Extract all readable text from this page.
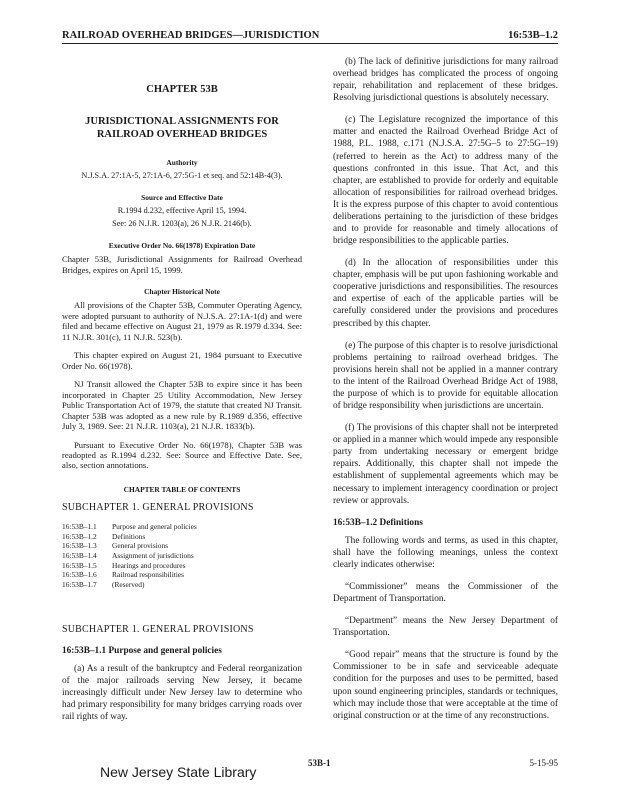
RAILROAD OVERHEAD BRIDGES—JURISDICTION	16:53B–1.2
CHAPTER 53B
JURISDICTIONAL ASSIGNMENTS FOR RAILROAD OVERHEAD BRIDGES
Authority
N.J.S.A. 27:1A-5, 27:1A-6, 27:5G-1 et seq. and 52:14B-4(3).
Source and Effective Date
R.1994 d.232, effective April 15, 1994.
See: 26 N.J.R. 1203(a), 26 N.J.R. 2146(b).
Executive Order No. 66(1978) Expiration Date

Chapter 53B, Jurisdictional Assignments for Railroad Overhead Bridges, expires on April 15, 1999.

Chapter Historical Note

All provisions of the Chapter 53B, Commuter Operating Agency, were adopted pursuant to authority of N.J.S.A. 27:1A-1(d) and were filed and became effective on August 21, 1979 as R.1979 d.334. See: 11 N.J.R. 301(c), 11 N.J.R. 523(b).

This chapter expired on August 21, 1984 pursuant to Executive Order No. 66(1978).

NJ Transit allowed the Chapter 53B to expire since it has been incorporated in Chapter 25 Utility Accommodation, New Jersey Public Transportation Act of 1979, the statute that created NJ Transit. Chapter 53B was adopted as a new rule by R.1989 d.356, effective July 3, 1989. See: 21 N.J.R. 1103(a), 21 N.J.R. 1833(b).

Pursuant to Executive Order No. 66(1978), Chapter 53B was readopted as R.1994 d.232. See: Source and Effective Date. See, also, section annotations.

CHAPTER TABLE OF CONTENTS
SUBCHAPTER 1. GENERAL PROVISIONS
16:53B–1.1	Purpose and general policies
16:53B–1.2	Definitions
16:53B–1.3	General provisions
16:53B–1.4	Assignment of jurisdictions
16:53B–1.5	Hearings and procedures
16:53B–1.6	Railroad responsibilities
16:53B–1.7	(Reserved)
SUBCHAPTER 1. GENERAL PROVISIONS
16:53B–1.1 Purpose and general policies

(a) As a result of the bankruptcy and Federal reorganization of the major railroads serving New Jersey, it became increasingly difficult under New Jersey law to determine who had primary responsibility for many bridges carrying roads over rail rights of way.

(b) The lack of definitive jurisdictions for many railroad overhead bridges has complicated the process of ongoing repair, rehabilitation and replacement of these bridges. Resolving jurisdictional questions is absolutely necessary.

(c) The Legislature recognized the importance of this matter and enacted the Railroad Overhead Bridge Act of 1988, P.L. 1988, c.171 (N.J.S.A. 27:5G–5 to 27:5G–19) (referred to herein as the Act) to address many of the questions confronted in this issue. That Act, and this chapter, are established to provide for orderly and equitable allocation of responsibilities for railroad overhead bridges. It is the express purpose of this chapter to avoid contentious deliberations pertaining to the jurisdiction of these bridges and to provide for reasonable and timely allocations of bridge responsibilities to the applicable parties.

(d) In the allocation of responsibilities under this chapter, emphasis will be put upon fashioning workable and cooperative jurisdictions and responsibilities. The resources and expertise of each of the applicable parties will be carefully considered under the provisions and procedures prescribed by this chapter.

(e) The purpose of this chapter is to resolve jurisdictional problems pertaining to railroad overhead bridges. The provisions herein shall not be applied in a manner contrary to the intent of the Railroad Overhead Bridge Act of 1988, the purpose of which is to provide for equitable allocation of bridge responsibility when jurisdictions are uncertain.

(f) The provisions of this chapter shall not be interpreted or applied in a manner which would impede any responsible party from undertaking necessary or emergent bridge repairs. Additionally, this chapter shall not impede the establishment of supplemental agreements which may be necessary to implement interagency coordination or project review or approvals.

16:53B–1.2 Definitions

The following words and terms, as used in this chapter, shall have the following meanings, unless the context clearly indicates otherwise:

“Commissioner” means the Commissioner of the Department of Transportation.

“Department” means the New Jersey Department of Transportation.

“Good repair” means that the structure is found by the Commissioner to be in safe and serviceable adequate condition for the purposes and uses to be permitted, based upon sound engineering principles, standards or techniques, which may include those that were acceptable at the time of original construction or at the time of any reconstructions.

New Jersey State Library
53B-1	5-15-95
